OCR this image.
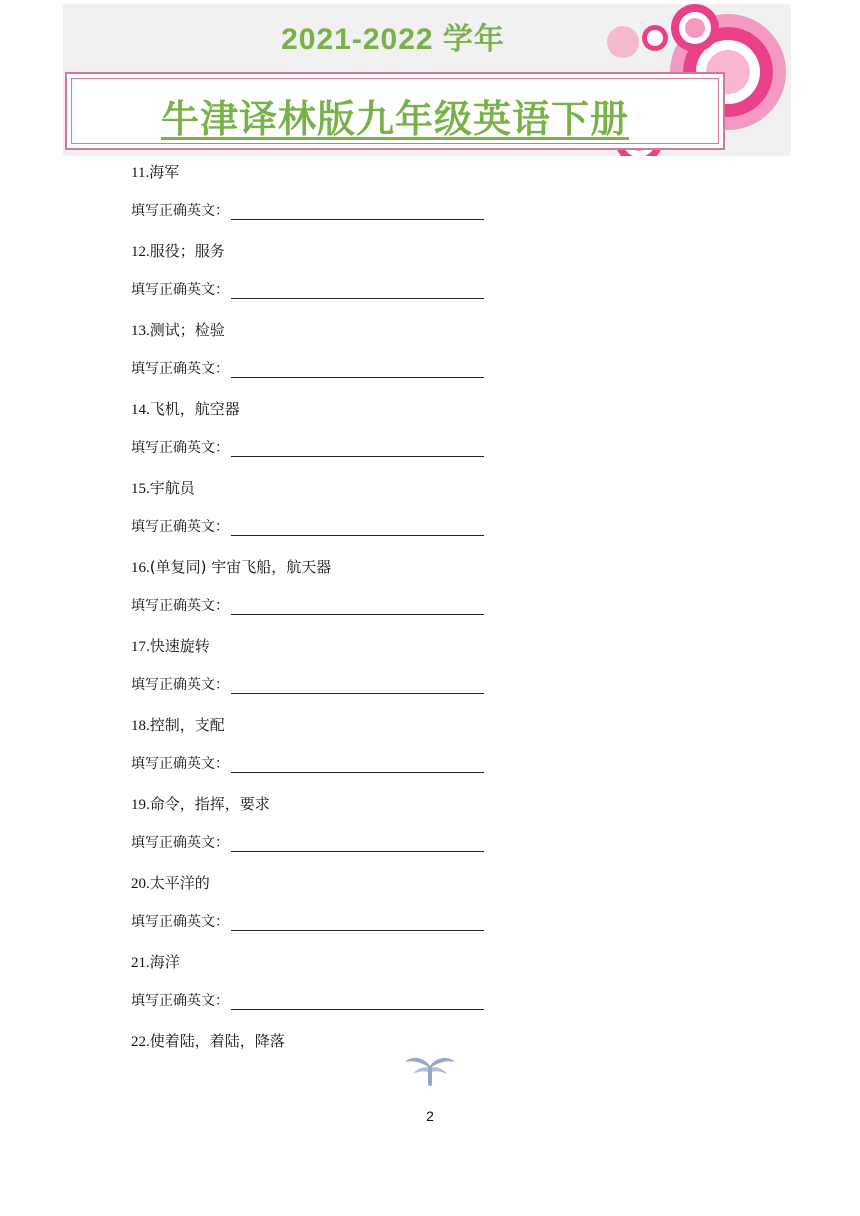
2021-2022 学年
牛津译林版九年级英语下册
11.海军
填写正确英文：
12.服役；服务
填写正确英文：
13.测试；检验
填写正确英文：
14.飞机，航空器
填写正确英文：
15.宇航员
填写正确英文：
16.(单复同) 宇宙飞船，航天器
填写正确英文：
17.快速旋转
填写正确英文：
18.控制，支配
填写正确英文：
19.命令，指挥，要求
填写正确英文：
20.太平洋的
填写正确英文：
21.海洋
填写正确英文：
22.使着陆，着陆，降落
2
